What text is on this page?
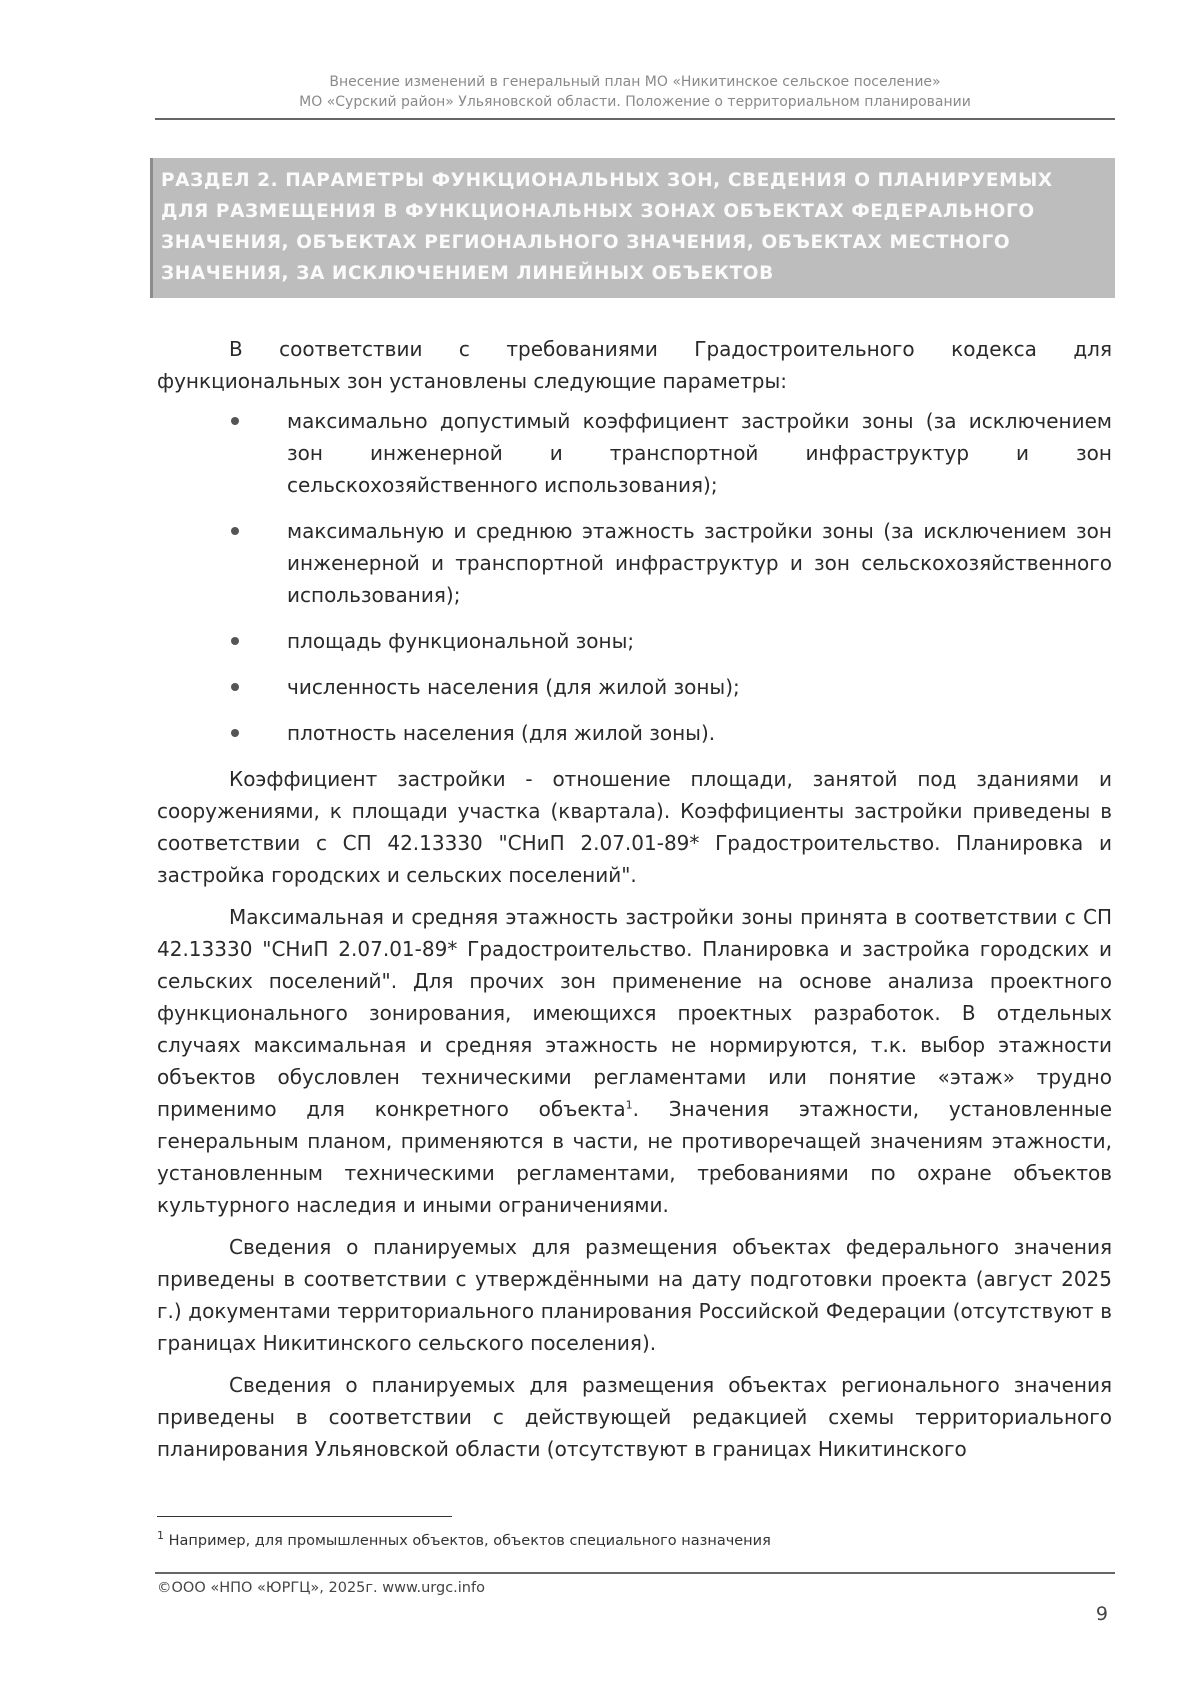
Внесение изменений в генеральный план МО «Никитинское сельское поселение»
МО «Сурский район» Ульяновской области. Положение о территориальном планировании
РАЗДЕЛ 2. ПАРАМЕТРЫ ФУНКЦИОНАЛЬНЫХ ЗОН, СВЕДЕНИЯ О ПЛАНИРУЕМЫХ ДЛЯ РАЗМЕЩЕНИЯ В ФУНКЦИОНАЛЬНЫХ ЗОНАХ ОБЪЕКТАХ ФЕДЕРАЛЬНОГО ЗНАЧЕНИЯ, ОБЪЕКТАХ РЕГИОНАЛЬНОГО ЗНАЧЕНИЯ, ОБЪЕКТАХ МЕСТНОГО ЗНАЧЕНИЯ, ЗА ИСКЛЮЧЕНИЕМ ЛИНЕЙНЫХ ОБЪЕКТОВ

В соответствии с требованиями Градостроительного кодекса для функциональных зон установлены следующие параметры:

максимально допустимый коэффициент застройки зоны (за исключением зон инженерной и транспортной инфраструктур и зон сельскохозяйственного использования);
максимальную и среднюю этажность застройки зоны (за исключением зон инженерной и транспортной инфраструктур и зон сельскохозяйственного использования);
площадь функциональной зоны;
численность населения (для жилой зоны);
плотность населения (для жилой зоны).

Коэффициент застройки - отношение площади, занятой под зданиями и сооружениями, к площади участка (квартала). Коэффициенты застройки приведены в соответствии с СП 42.13330 "СНиП 2.07.01-89* Градостроительство. Планировка и застройка городских и сельских поселений".

Максимальная и средняя этажность застройки зоны принята в соответствии с СП 42.13330 "СНиП 2.07.01-89* Градостроительство. Планировка и застройка городских и сельских поселений". Для прочих зон применение на основе анализа проектного функционального зонирования, имеющихся проектных разработок. В отдельных случаях максимальная и средняя этажность не нормируются, т.к. выбор этажности объектов обусловлен техническими регламентами или понятие «этаж» трудно применимо для конкретного объекта$^1$. Значения этажности, установленные генеральным планом, применяются в части, не противоречащей значениям этажности, установленным техническими регламентами, требованиями по охране объектов культурного наследия и иными ограничениями.

Сведения о планируемых для размещения объектах федерального значения приведены в соответствии с утверждёнными на дату подготовки проекта (август 2025 г.) документами территориального планирования Российской Федерации (отсутствуют в границах Никитинского сельского поселения).

Сведения о планируемых для размещения объектах регионального значения приведены в соответствии с действующей редакцией схемы территориального планирования Ульяновской области (отсутствуют в границах Никитинского

$^1$ Например, для промышленных объектов, объектов специального назначения
©ООО «НПО «ЮРГЦ», 2025г. www.urgc.info
9
